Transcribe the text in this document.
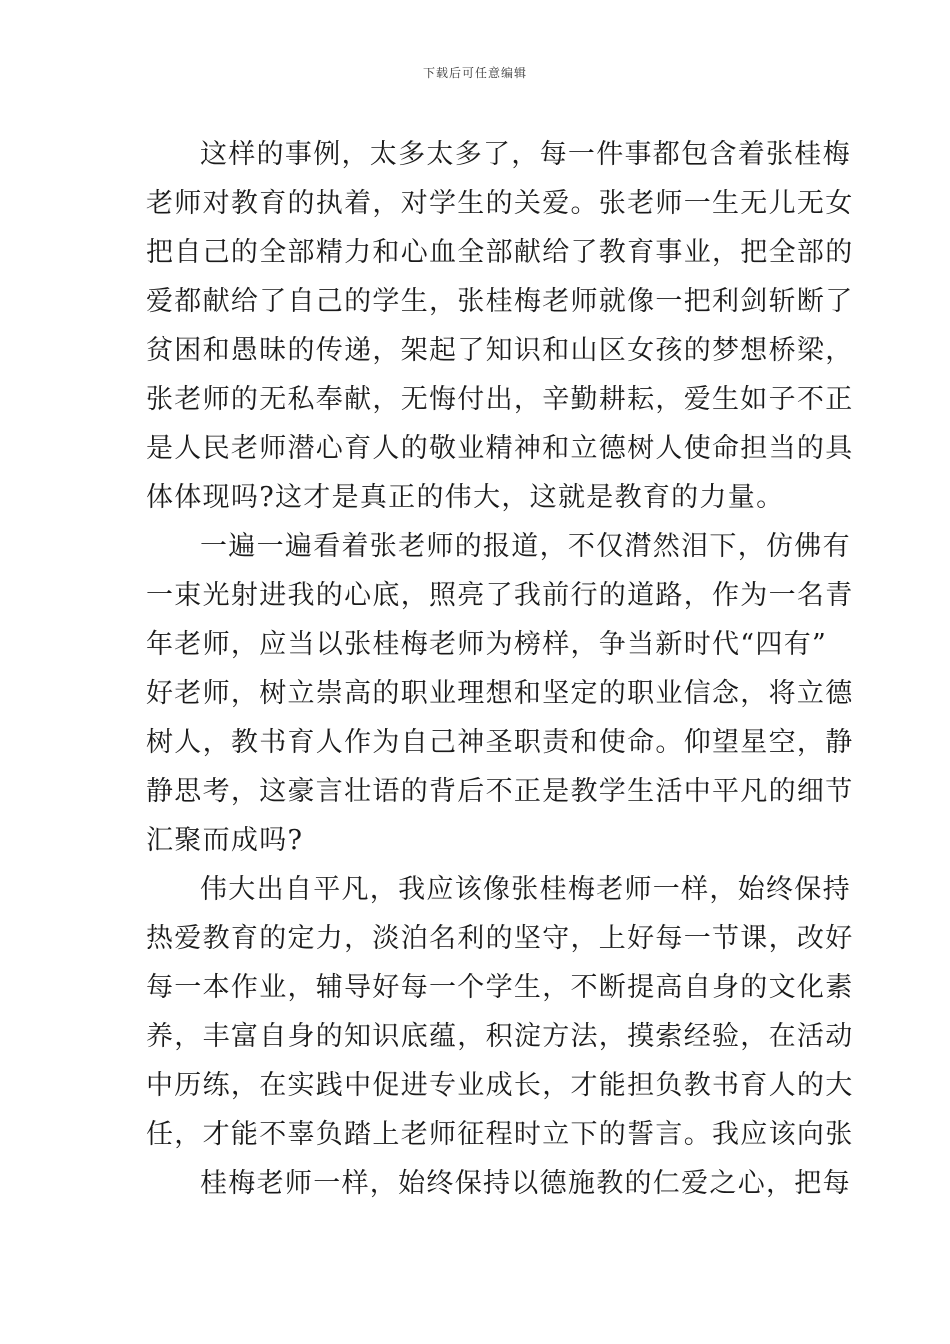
下载后可任意编辑
这样的事例，太多太多了，每一件事都包含着张桂梅
老师对教育的执着，对学生的关爱。张老师一生无儿无女
把自己的全部精力和心血全部献给了教育事业，把全部的
爱都献给了自己的学生，张桂梅老师就像一把利剑斩断了
贫困和愚昧的传递，架起了知识和山区女孩的梦想桥梁，
张老师的无私奉献，无悔付出，辛勤耕耘，爱生如子不正
是人民老师潜心育人的敬业精神和立德树人使命担当的具
体体现吗?这才是真正的伟大，这就是教育的力量。
一遍一遍看着张老师的报道，不仅潸然泪下，仿佛有
一束光射进我的心底，照亮了我前行的道路，作为一名青
年老师，应当以张桂梅老师为榜样，争当新时代“四有”
好老师，树立崇高的职业理想和坚定的职业信念，将立德
树人，教书育人作为自己神圣职责和使命。仰望星空，静
静思考，这豪言壮语的背后不正是教学生活中平凡的细节
汇聚而成吗?
伟大出自平凡，我应该像张桂梅老师一样，始终保持
热爱教育的定力，淡泊名利的坚守，上好每一节课，改好
每一本作业，辅导好每一个学生，不断提高自身的文化素
养，丰富自身的知识底蕴，积淀方法，摸索经验，在活动
中历练，在实践中促进专业成长，才能担负教书育人的大
任，才能不辜负踏上老师征程时立下的誓言。我应该向张
桂梅老师一样，始终保持以德施教的仁爱之心，把每
